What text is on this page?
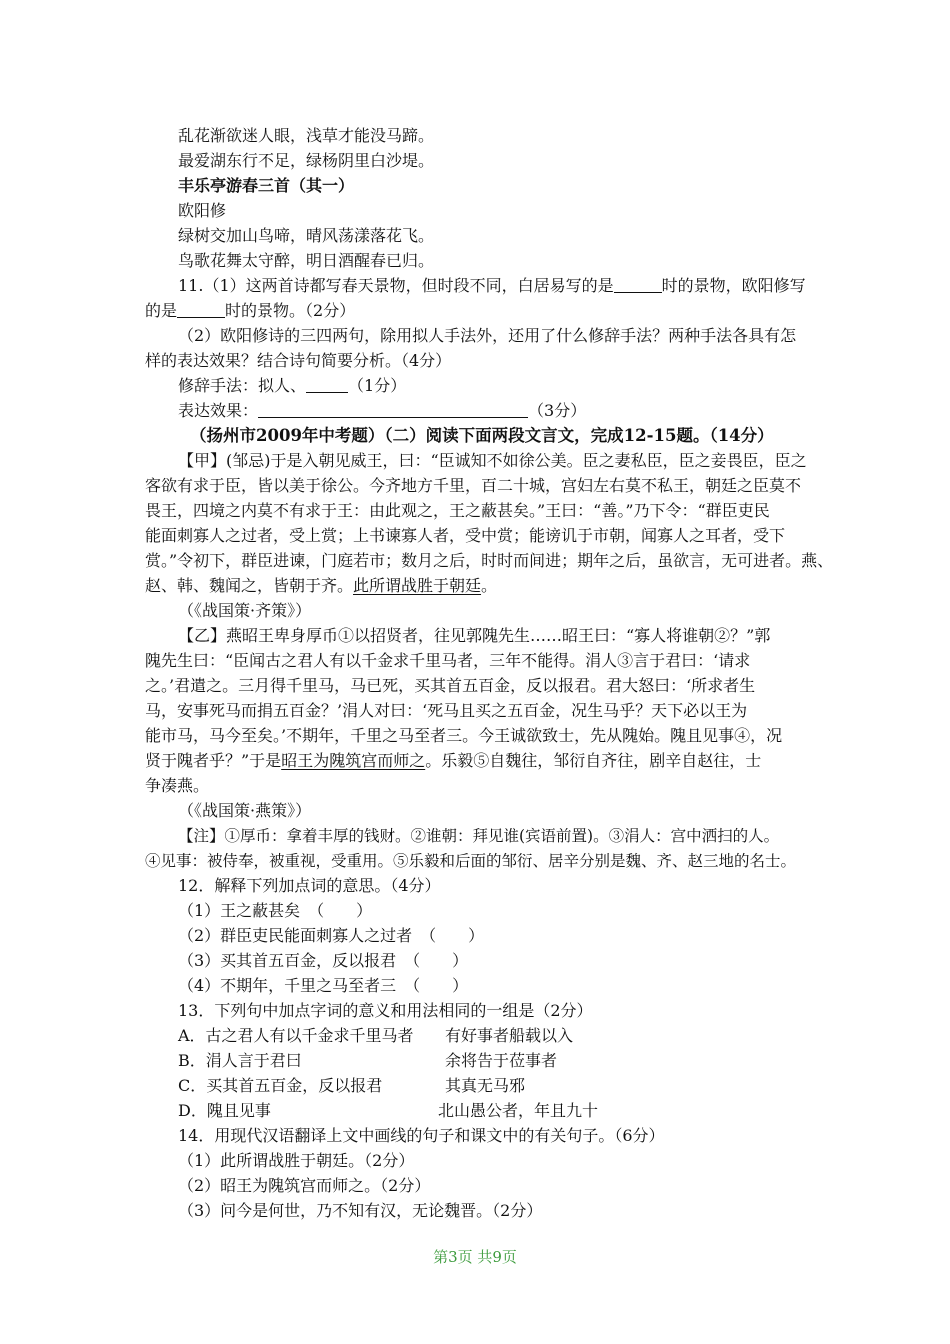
乱花渐欲迷人眼，浅草才能没马蹄。
最爱湖东行不足，绿杨阴里白沙堤。
丰乐亭游春三首（其一）
欧阳修
绿树交加山鸟啼，晴风荡漾落花飞。
鸟歌花舞太守醉，明日酒醒春已归。
11.（1）这两首诗都写春天景物，但时段不同，白居易写的是	时的景物，欧阳修写
的是	时的景物。（2分）
（2）欧阳修诗的三四两句，除用拟人手法外，还用了什么修辞手法？两种手法各具有怎
样的表达效果？结合诗句简要分析。（4分）
修辞手法：拟人、	（1分）
表达效果：	（3分）
（扬州市2009年中考题）（二）阅读下面两段文言文，完成12-15题。（14分）
【甲】(邹忌)于是入朝见威王，曰：“臣诚知不如徐公美。臣之妻私臣，臣之妾畏臣，臣之
客欲有求于臣，皆以美于徐公。今齐地方千里，百二十城，宫妇左右莫不私王，朝廷之臣莫不
畏王，四境之内莫不有求于王：由此观之，王之蔽甚矣。”王曰：“善。”乃下令：“群臣吏民
能面刺寡人之过者，受上赏；上书谏寡人者，受中赏；能谤讥于市朝，闻寡人之耳者，受下
赏。”令初下，群臣进谏，门庭若市；数月之后，时时而间进；期年之后，虽欲言，无可进者。燕、
赵、韩、魏闻之，皆朝于齐。此所谓战胜于朝廷。
（《战国策·齐策》）
【乙】燕昭王卑身厚币①以招贤者，往见郭隗先生……昭王曰：“寡人将谁朝②？”郭
隗先生曰：“臣闻古之君人有以千金求千里马者，三年不能得。涓人③言于君曰：‘请求
之。’君遣之。三月得千里马，马已死，买其首五百金，反以报君。君大怒曰：‘所求者生
马，安事死马而捐五百金？’涓人对曰：‘死马且买之五百金，况生马乎？天下必以王为
能市马，马今至矣。’不期年，千里之马至者三。今王诚欲致士，先从隗始。隗且见事④，况
贤于隗者乎？”于是昭王为隗筑宫而师之。乐毅⑤自魏往，邹衍自齐往，剧辛自赵往，士
争凑燕。
（《战国策·燕策》）
【注】①厚币：拿着丰厚的钱财。②谁朝：拜见谁(宾语前置)。③涓人：宫中洒扫的人。
④见事：被侍奉，被重视，受重用。⑤乐毅和后面的邹衍、居辛分别是魏、齐、赵三地的名士。
12．解释下列加点词的意思。（4分）
（1）王之蔽甚矣　（　　）
（2）群臣吏民能面刺寡人之过者　（　　）
（3）买其首五百金，反以报君　（　　）
（4）不期年，千里之马至者三　（　　）
13．下列句中加点字词的意义和用法相同的一组是（2分）
A．古之君人有以千金求千里马者 有好事者船载以入
B．涓人言于君曰	余将告于莅事者
C．买其首五百金，反以报君	其真无马邪
D．隗且见事	北山愚公者，年且九十
14．用现代汉语翻译上文中画线的句子和课文中的有关句子。（6分）
（1）此所谓战胜于朝廷。（2分）
（2）昭王为隗筑宫而师之。（2分）
（3）问今是何世，乃不知有汉，无论魏晋。（2分）
第3页 共9页
